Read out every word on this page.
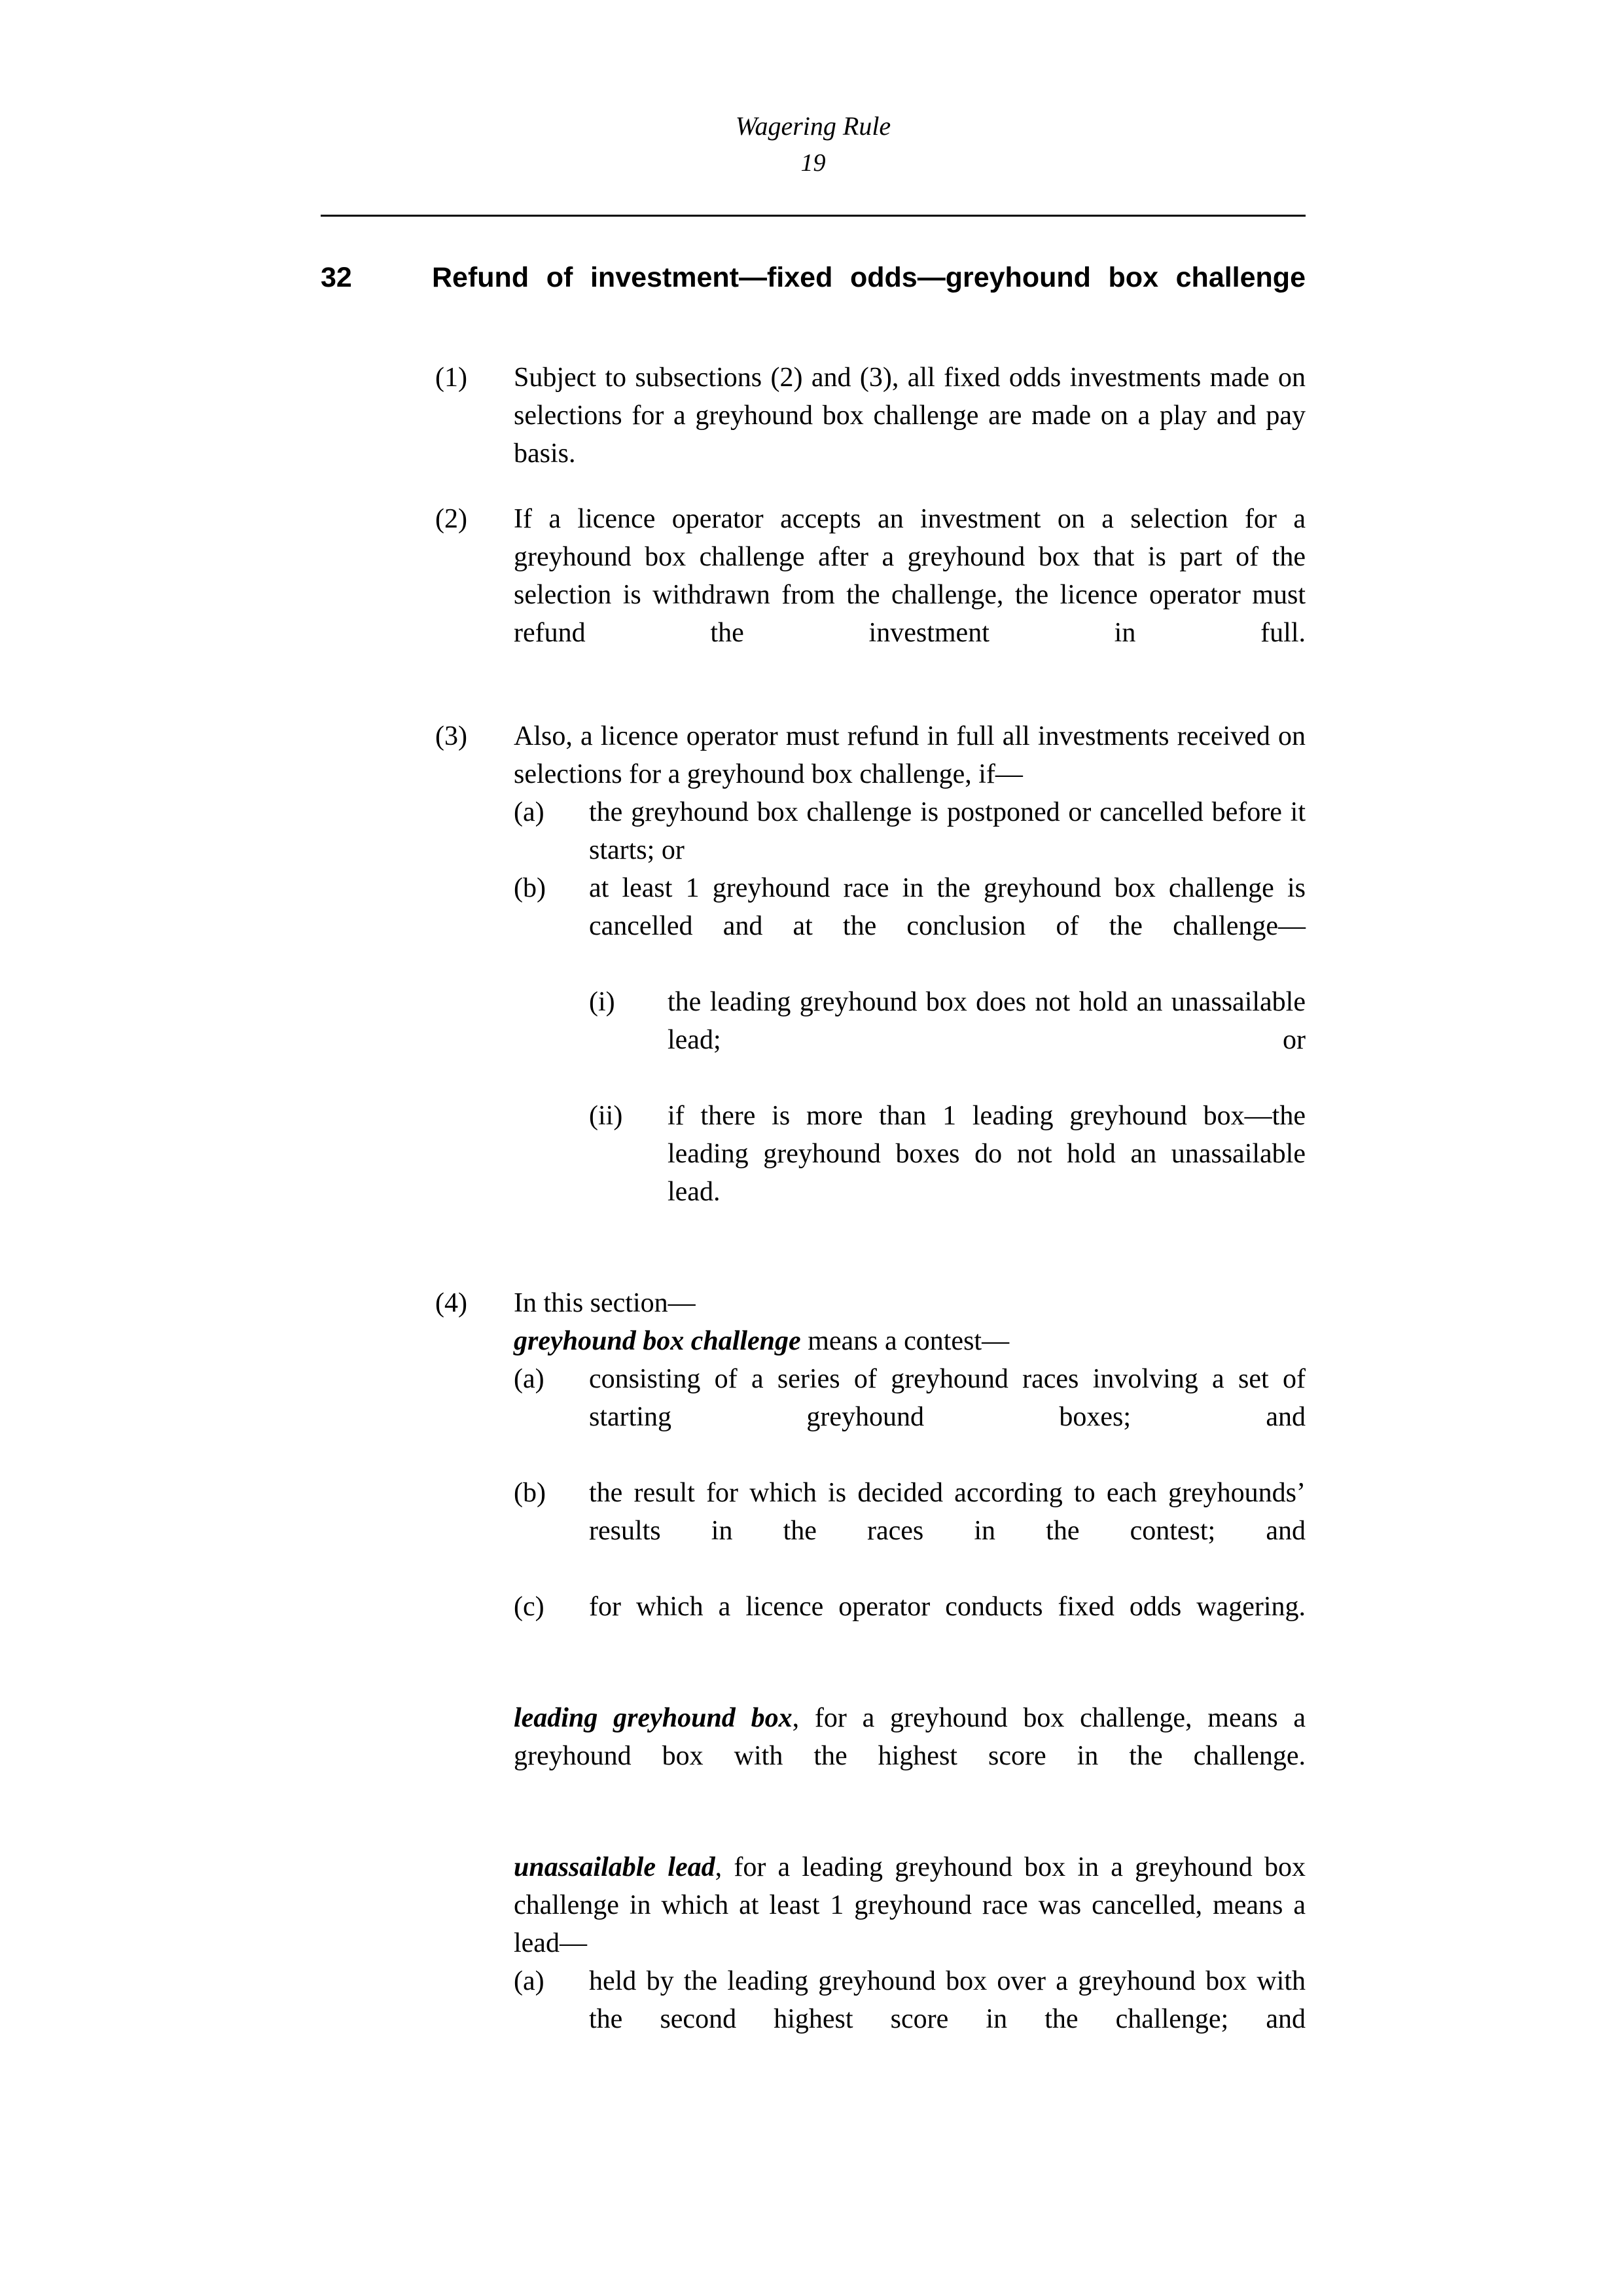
Wagering Rule
19
32	Refund of investment—fixed odds—greyhound box challenge
(1) Subject to subsections (2) and (3), all fixed odds investments made on selections for a greyhound box challenge are made on a play and pay basis.
(2) If a licence operator accepts an investment on a selection for a greyhound box challenge after a greyhound box that is part of the selection is withdrawn from the challenge, the licence operator must refund the investment in full.
(3) Also, a licence operator must refund in full all investments received on selections for a greyhound box challenge, if—
(a) the greyhound box challenge is postponed or cancelled before it starts; or
(b) at least 1 greyhound race in the greyhound box challenge is cancelled and at the conclusion of the challenge—
(i) the leading greyhound box does not hold an unassailable lead; or
(ii) if there is more than 1 leading greyhound box—the leading greyhound boxes do not hold an unassailable lead.
(4) In this section—
greyhound box challenge means a contest—
(a) consisting of a series of greyhound races involving a set of starting greyhound boxes; and
(b) the result for which is decided according to each greyhounds’ results in the races in the contest; and
(c) for which a licence operator conducts fixed odds wagering.
leading greyhound box, for a greyhound box challenge, means a greyhound box with the highest score in the challenge.
unassailable lead, for a leading greyhound box in a greyhound box challenge in which at least 1 greyhound race was cancelled, means a lead—
(a) held by the leading greyhound box over a greyhound box with the second highest score in the challenge; and
